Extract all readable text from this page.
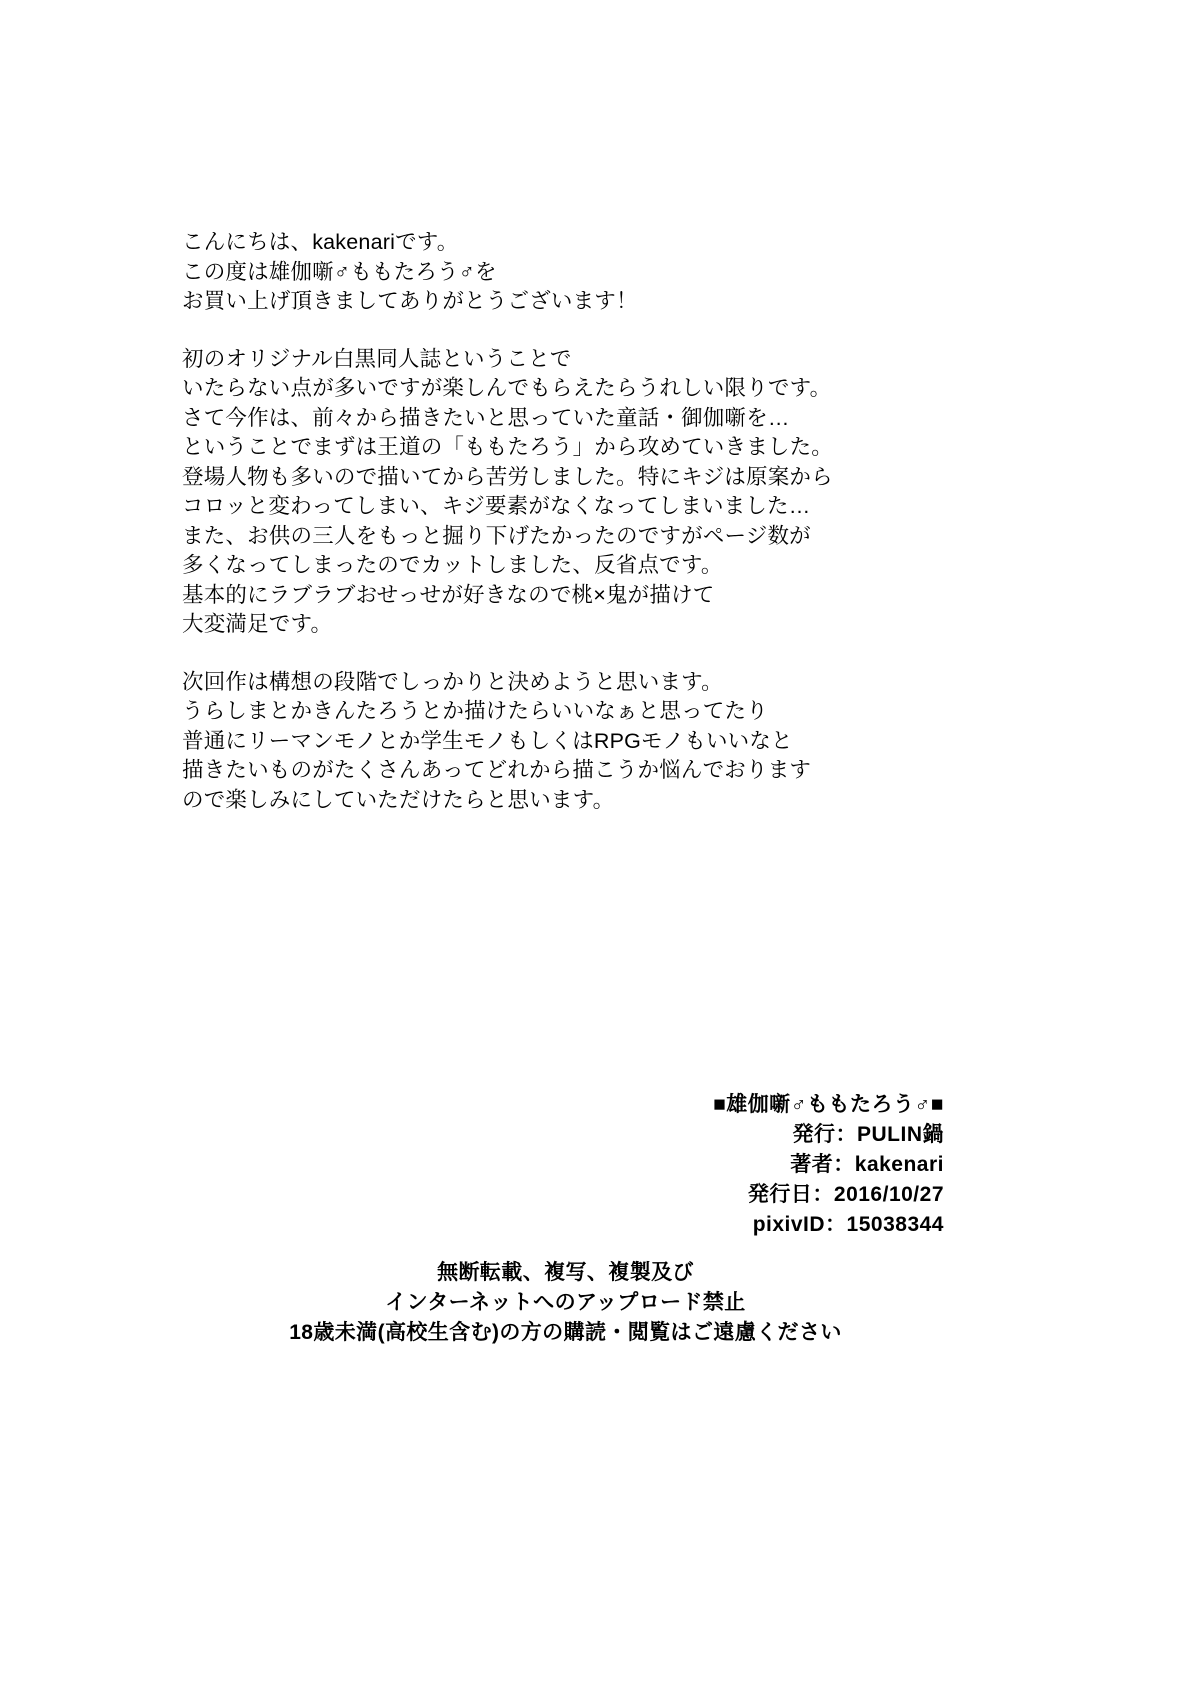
こんにちは、kakenariです。
この度は雄伽噺♂ももたろう♂を
お買い上げ頂きましてありがとうございます！
初のオリジナル白黒同人誌ということで
いたらない点が多いですが楽しんでもらえたらうれしい限りです。
さて今作は、前々から描きたいと思っていた童話・御伽噺を…
ということでまずは王道の「ももたろう」から攻めていきました。
登場人物も多いので描いてから苦労しました。特にキジは原案から
コロッと変わってしまい、キジ要素がなくなってしまいました…
また、お供の三人をもっと掘り下げたかったのですがページ数が
多くなってしまったのでカットしました、反省点です。
基本的にラブラブおせっせが好きなので桃×鬼が描けて
大変満足です。
次回作は構想の段階でしっかりと決めようと思います。
うらしまとかきんたろうとか描けたらいいなぁと思ってたり
普通にリーマンモノとか学生モノもしくはRPGモノもいいなと
描きたいものがたくさんあってどれから描こうか悩んでおります
ので楽しみにしていただけたらと思います。
■雄伽噺♂ももたろう♂■
発行：PULIN鍋
著者：kakenari
発行日：2016/10/27
pixivID：15038344
無断転載、複写、複製及び
インターネットへのアップロード禁止
18歳未満(高校生含む)の方の購読・閲覧はご遠慮ください
